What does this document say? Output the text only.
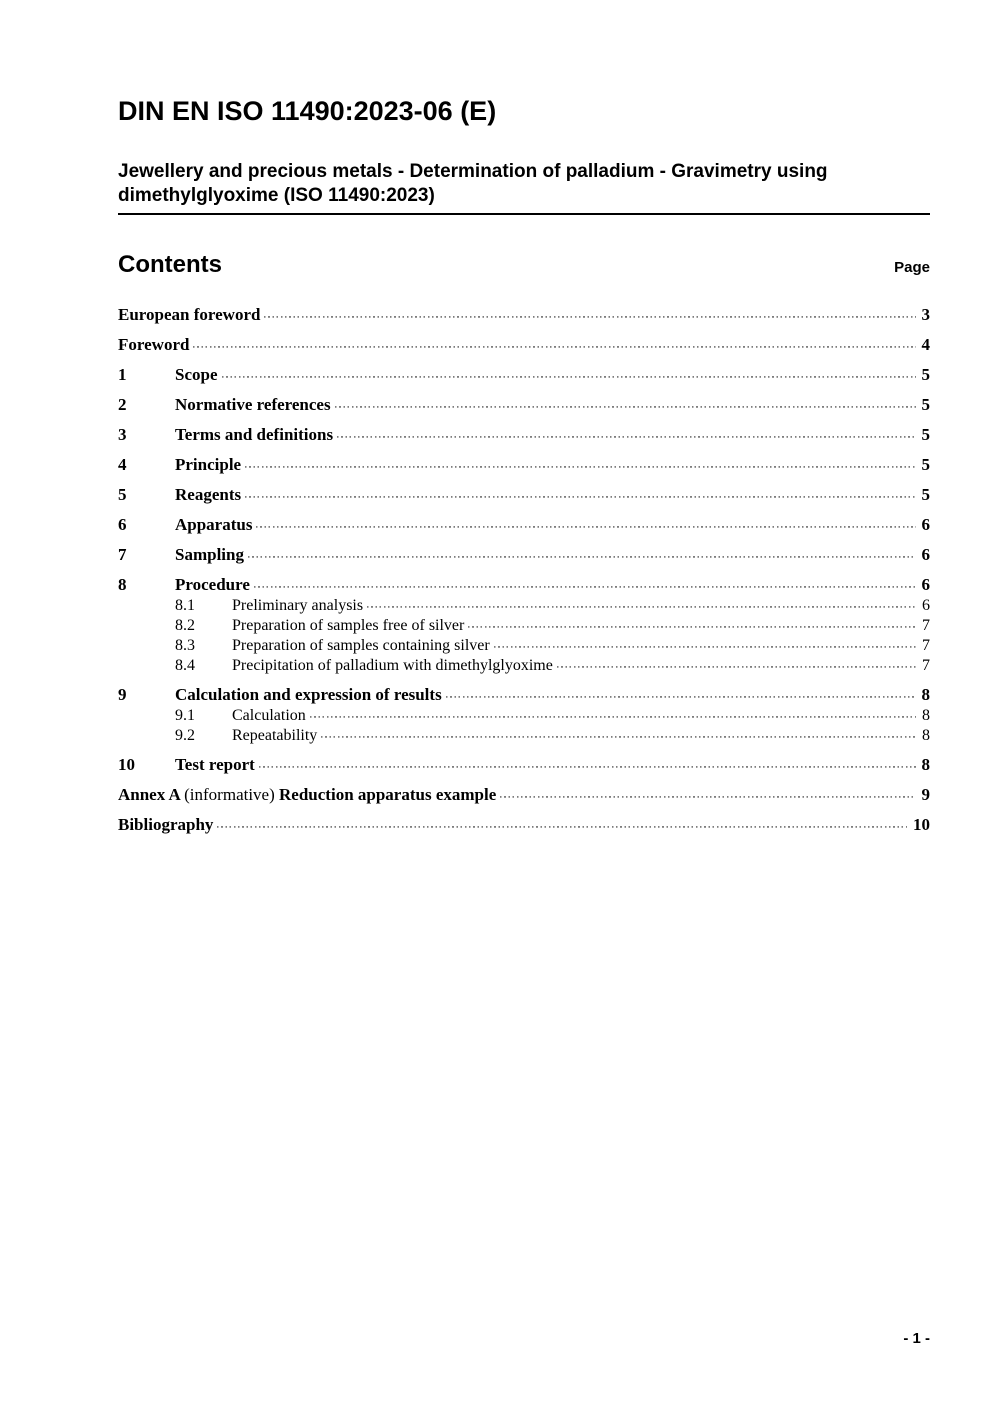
DIN EN ISO 11490:2023-06 (E)
Jewellery and precious metals - Determination of palladium - Gravimetry using dimethylglyoxime (ISO 11490:2023)
Contents	Page
European foreword	3
Foreword	4
1	Scope	5
2	Normative references	5
3	Terms and definitions	5
4	Principle	5
5	Reagents	5
6	Apparatus	6
7	Sampling	6
8	Procedure	6
8.1	Preliminary analysis	6
8.2	Preparation of samples free of silver	7
8.3	Preparation of samples containing silver	7
8.4	Precipitation of palladium with dimethylglyoxime	7
9	Calculation and expression of results	8
9.1	Calculation	8
9.2	Repeatability	8
10	Test report	8
Annex A (informative) Reduction apparatus example	9
Bibliography	10
- 1 -
